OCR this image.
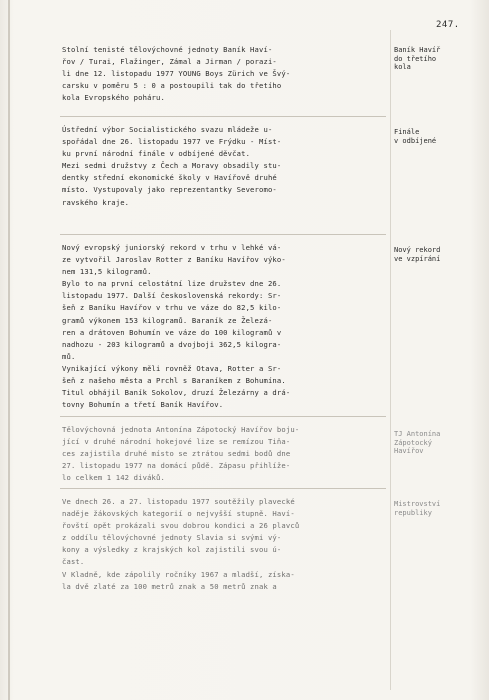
247.

Stolní tenisté tělovýchovné jednoty Baník Haví-
řov / Turai, Flažinger, Zámal a Jirman / porazi-
li dne 12. listopadu 1977 YOUNG Boys Zürich ve Švý-
carsku v poměru 5 : 0 a postoupili tak do třetího
kola Evropského poháru.

Baník Havíř
do třetího
kola

Ústřední výbor Socialistického svazu mládeže u-
spořádal dne 26. listopadu 1977 ve Frýdku - Míst-
ku první národní finále v odbíjené děvčat.
Mezi sedmi družstvy z Čech a Moravy obsadily stu-
dentky střední ekonomické školy v Havířově druhé
místo. Vystupovaly jako reprezentantky Severomo-
ravského kraje.

Finále
v odbíjené

Nový evropský juniorský rekord v trhu v lehké vá-
ze vytvořil Jaroslav Rotter z Baníku Havířov výko-
nem 131,5 kilogramů.
Bylo to na první celostátní lize družstev dne 26.
listopadu 1977. Další československá rekordy: Sr-
šeň z Baníku Havířov v trhu ve váze do 82,5 kilo-
gramů výkonem 153 kilogramů. Baraník ze Železá-
ren a drátoven Bohumín ve váze do 100 kilogramů v
nadhozu - 203 kilogramů a dvojboji 362,5 kilogra-
mů.
Vynikající výkony měli rovněž Otava, Rotter a Sr-
šeň z našeho města a Prchl s Baraníkem z Bohumína.
Titul obhájil Baník Sokolov, druzí Železárny a drá-
tovny Bohumín a třetí Baník Havířov.

Nový rekord
ve vzpírání

Tělovýchovná jednota Antonína Zápotocký Havířov boju-
jící v druhé národní hokejové lize se remízou Tiňa-
ces zajistila druhé místo se ztrátou sedmi bodů dne
27. listopadu 1977 na domácí půdě. Zápasu přihlíže-
lo celkem 1 142 diváků.

TJ Antonína
Zápotocký
Havířov

Ve dnech 26. a 27. listopadu 1977 soutěžily plavecké
naděje žákovských kategorií o nejvyšší stupně. Haví-
řovští opět prokázali svou dobrou kondici a 26 plavců
z oddílu tělovýchovné jednoty Slavia si svými vý-
kony a výsledky z krajských kol zajistili svou ú-
čast.
V Kladně, kde zápolily ročníky 1967 a mladší, získa-
la dvě zlaté za 100 metrů znak a 50 metrů znak a

Mistrovství
republiky
